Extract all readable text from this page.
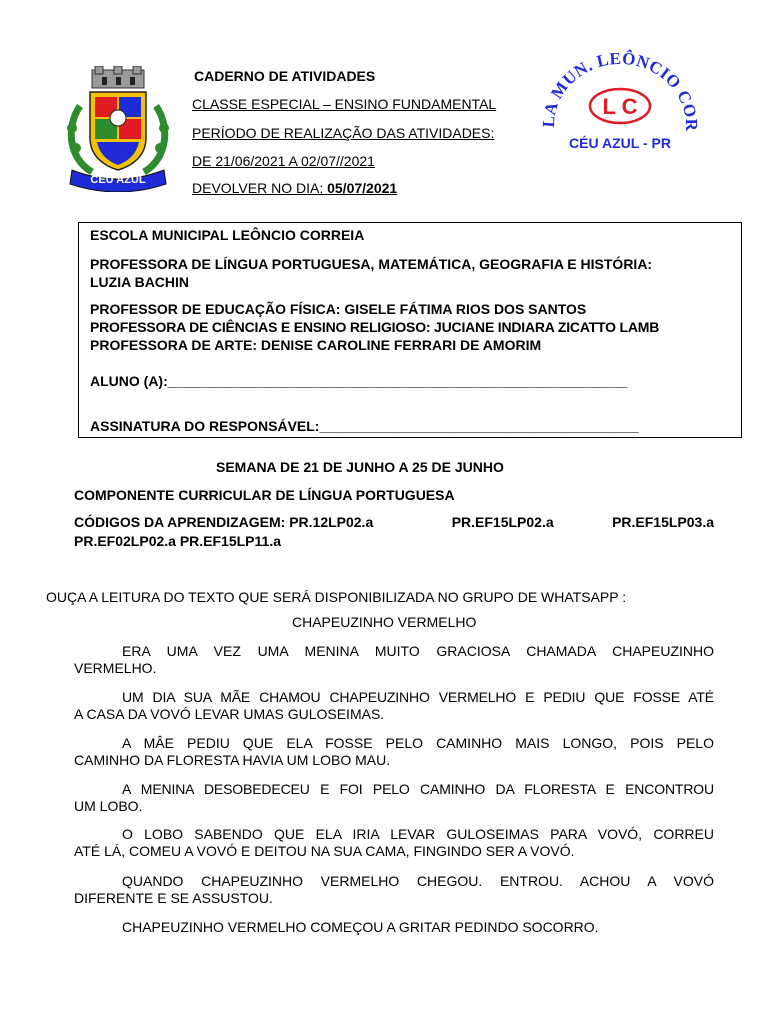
CÉU AZUL
CADERNO DE ATIVIDADES
CLASSE ESPECIAL – ENSINO FUNDAMENTAL
PERÍODO DE REALIZAÇÃO DAS ATIVIDADES:
DE 21/06/2021 A 02/07//2021
DEVOLVER NO DIA: 05/07/2021
LA MUN. LEÔNCIO COR
L C
CÉU AZUL - PR
ESCOLA MUNICIPAL LEÔNCIO CORREIA
PROFESSORA DE LÍNGUA PORTUGUESA, MATEMÁTICA, GEOGRAFIA E HISTÓRIA:
LUZIA BACHIN
PROFESSOR DE EDUCAÇÃO FÍSICA: GISELE FÁTIMA RIOS DOS SANTOS
PROFESSORA DE CIÊNCIAS E ENSINO RELIGIOSO: JUCIANE INDIARA ZICATTO LAMB
PROFESSORA DE ARTE: DENISE CAROLINE FERRARI DE AMORIM
ALUNO (A):___________________________________________________________
ASSINATURA DO RESPONSÁVEL:_________________________________________
SEMANA DE 21 DE JUNHO A 25 DE JUNHO
COMPONENTE CURRICULAR DE LÍNGUA PORTUGUESA
CÓDIGOS DA APRENDIZAGEM: PR.12LP02.a	PR.EF15LP02.a	PR.EF15LP03.a
PR.EF02LP02.a PR.EF15LP11.a
OUÇA A LEITURA DO TEXTO QUE SERÁ DISPONIBILIZADA NO GRUPO DE WHATSAPP :
CHAPEUZINHO VERMELHO
ERA UMA VEZ UMA MENINA MUITO GRACIOSA CHAMADA CHAPEUZINHO
VERMELHO.
UM DIA SUA MÃE CHAMOU CHAPEUZINHO VERMELHO E PEDIU QUE FOSSE ATÉ
A CASA DA VOVÓ LEVAR UMAS GULOSEIMAS.
A MÂE PEDIU QUE ELA FOSSE PELO CAMINHO MAIS LONGO, POIS PELO
CAMINHO DA FLORESTA HAVIA UM LOBO MAU.
A MENINA DESOBEDECEU E FOI PELO CAMINHO DA FLORESTA E ENCONTROU
UM LOBO.
O LOBO SABENDO QUE ELA IRIA LEVAR GULOSEIMAS PARA VOVÓ, CORREU
ATÉ LÁ, COMEU A VOVÓ E DEITOU NA SUA CAMA, FINGINDO SER A VOVÓ.
QUANDO CHAPEUZINHO VERMELHO CHEGOU. ENTROU. ACHOU A VOVÓ
DIFERENTE E SE ASSUSTOU.
CHAPEUZINHO VERMELHO COMEÇOU A GRITAR PEDINDO SOCORRO.
